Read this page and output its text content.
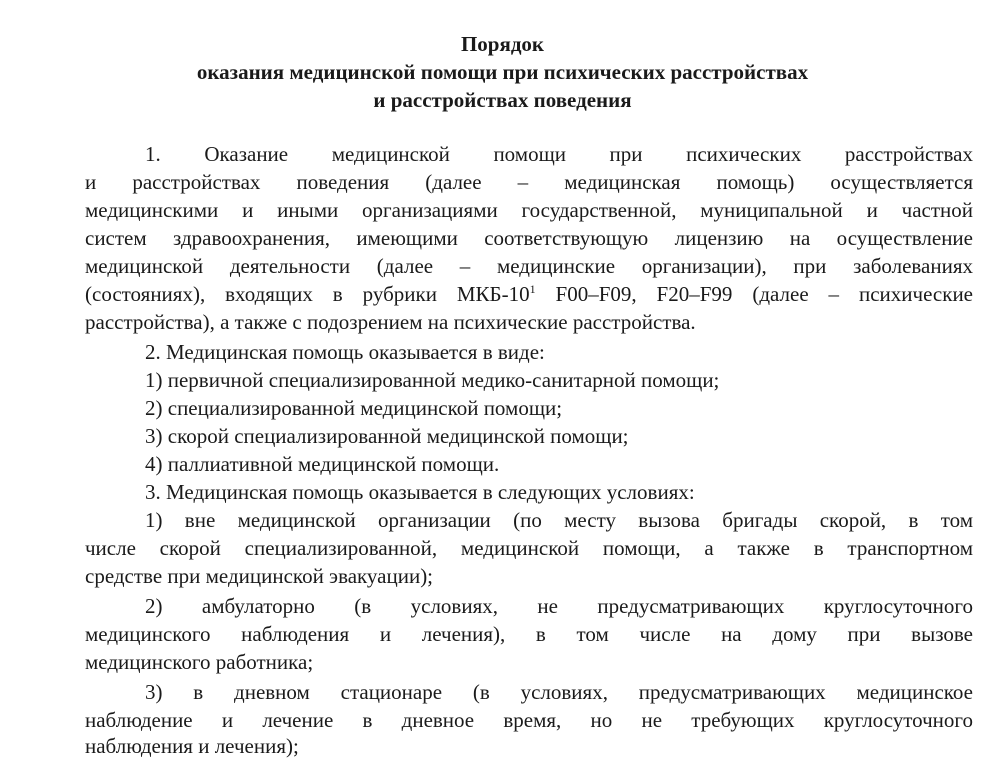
Порядок
оказания медицинской помощи при психических расстройствах
и расстройствах поведения
1. Оказание медицинской помощи при психических расстройствах
и расстройствах поведения (далее – медицинская помощь) осуществляется
медицинскими и иными организациями государственной, муниципальной и частной
систем здравоохранения, имеющими соответствующую лицензию на осуществление
медицинской деятельности (далее – медицинские организации), при заболеваниях
(состояниях), входящих в рубрики МКБ-$10^1$ F00–F09, F20–F99 (далее – психические
расстройства), а также с подозрением на психические расстройства.
2. Медицинская помощь оказывается в виде:
1) первичной специализированной медико-санитарной помощи;
2) специализированной медицинской помощи;
3) скорой специализированной медицинской помощи;
4) паллиативной медицинской помощи.
3. Медицинская помощь оказывается в следующих условиях:
1) вне медицинской организации (по месту вызова бригады скорой, в том
числе скорой специализированной, медицинской помощи, а также в транспортном
средстве при медицинской эвакуации);
2) амбулаторно (в условиях, не предусматривающих круглосуточного
медицинского наблюдения и лечения), в том числе на дому при вызове
медицинского работника;
3) в дневном стационаре (в условиях, предусматривающих медицинское
наблюдение и лечение в дневное время, но не требующих круглосуточного
наблюдения и лечения);
